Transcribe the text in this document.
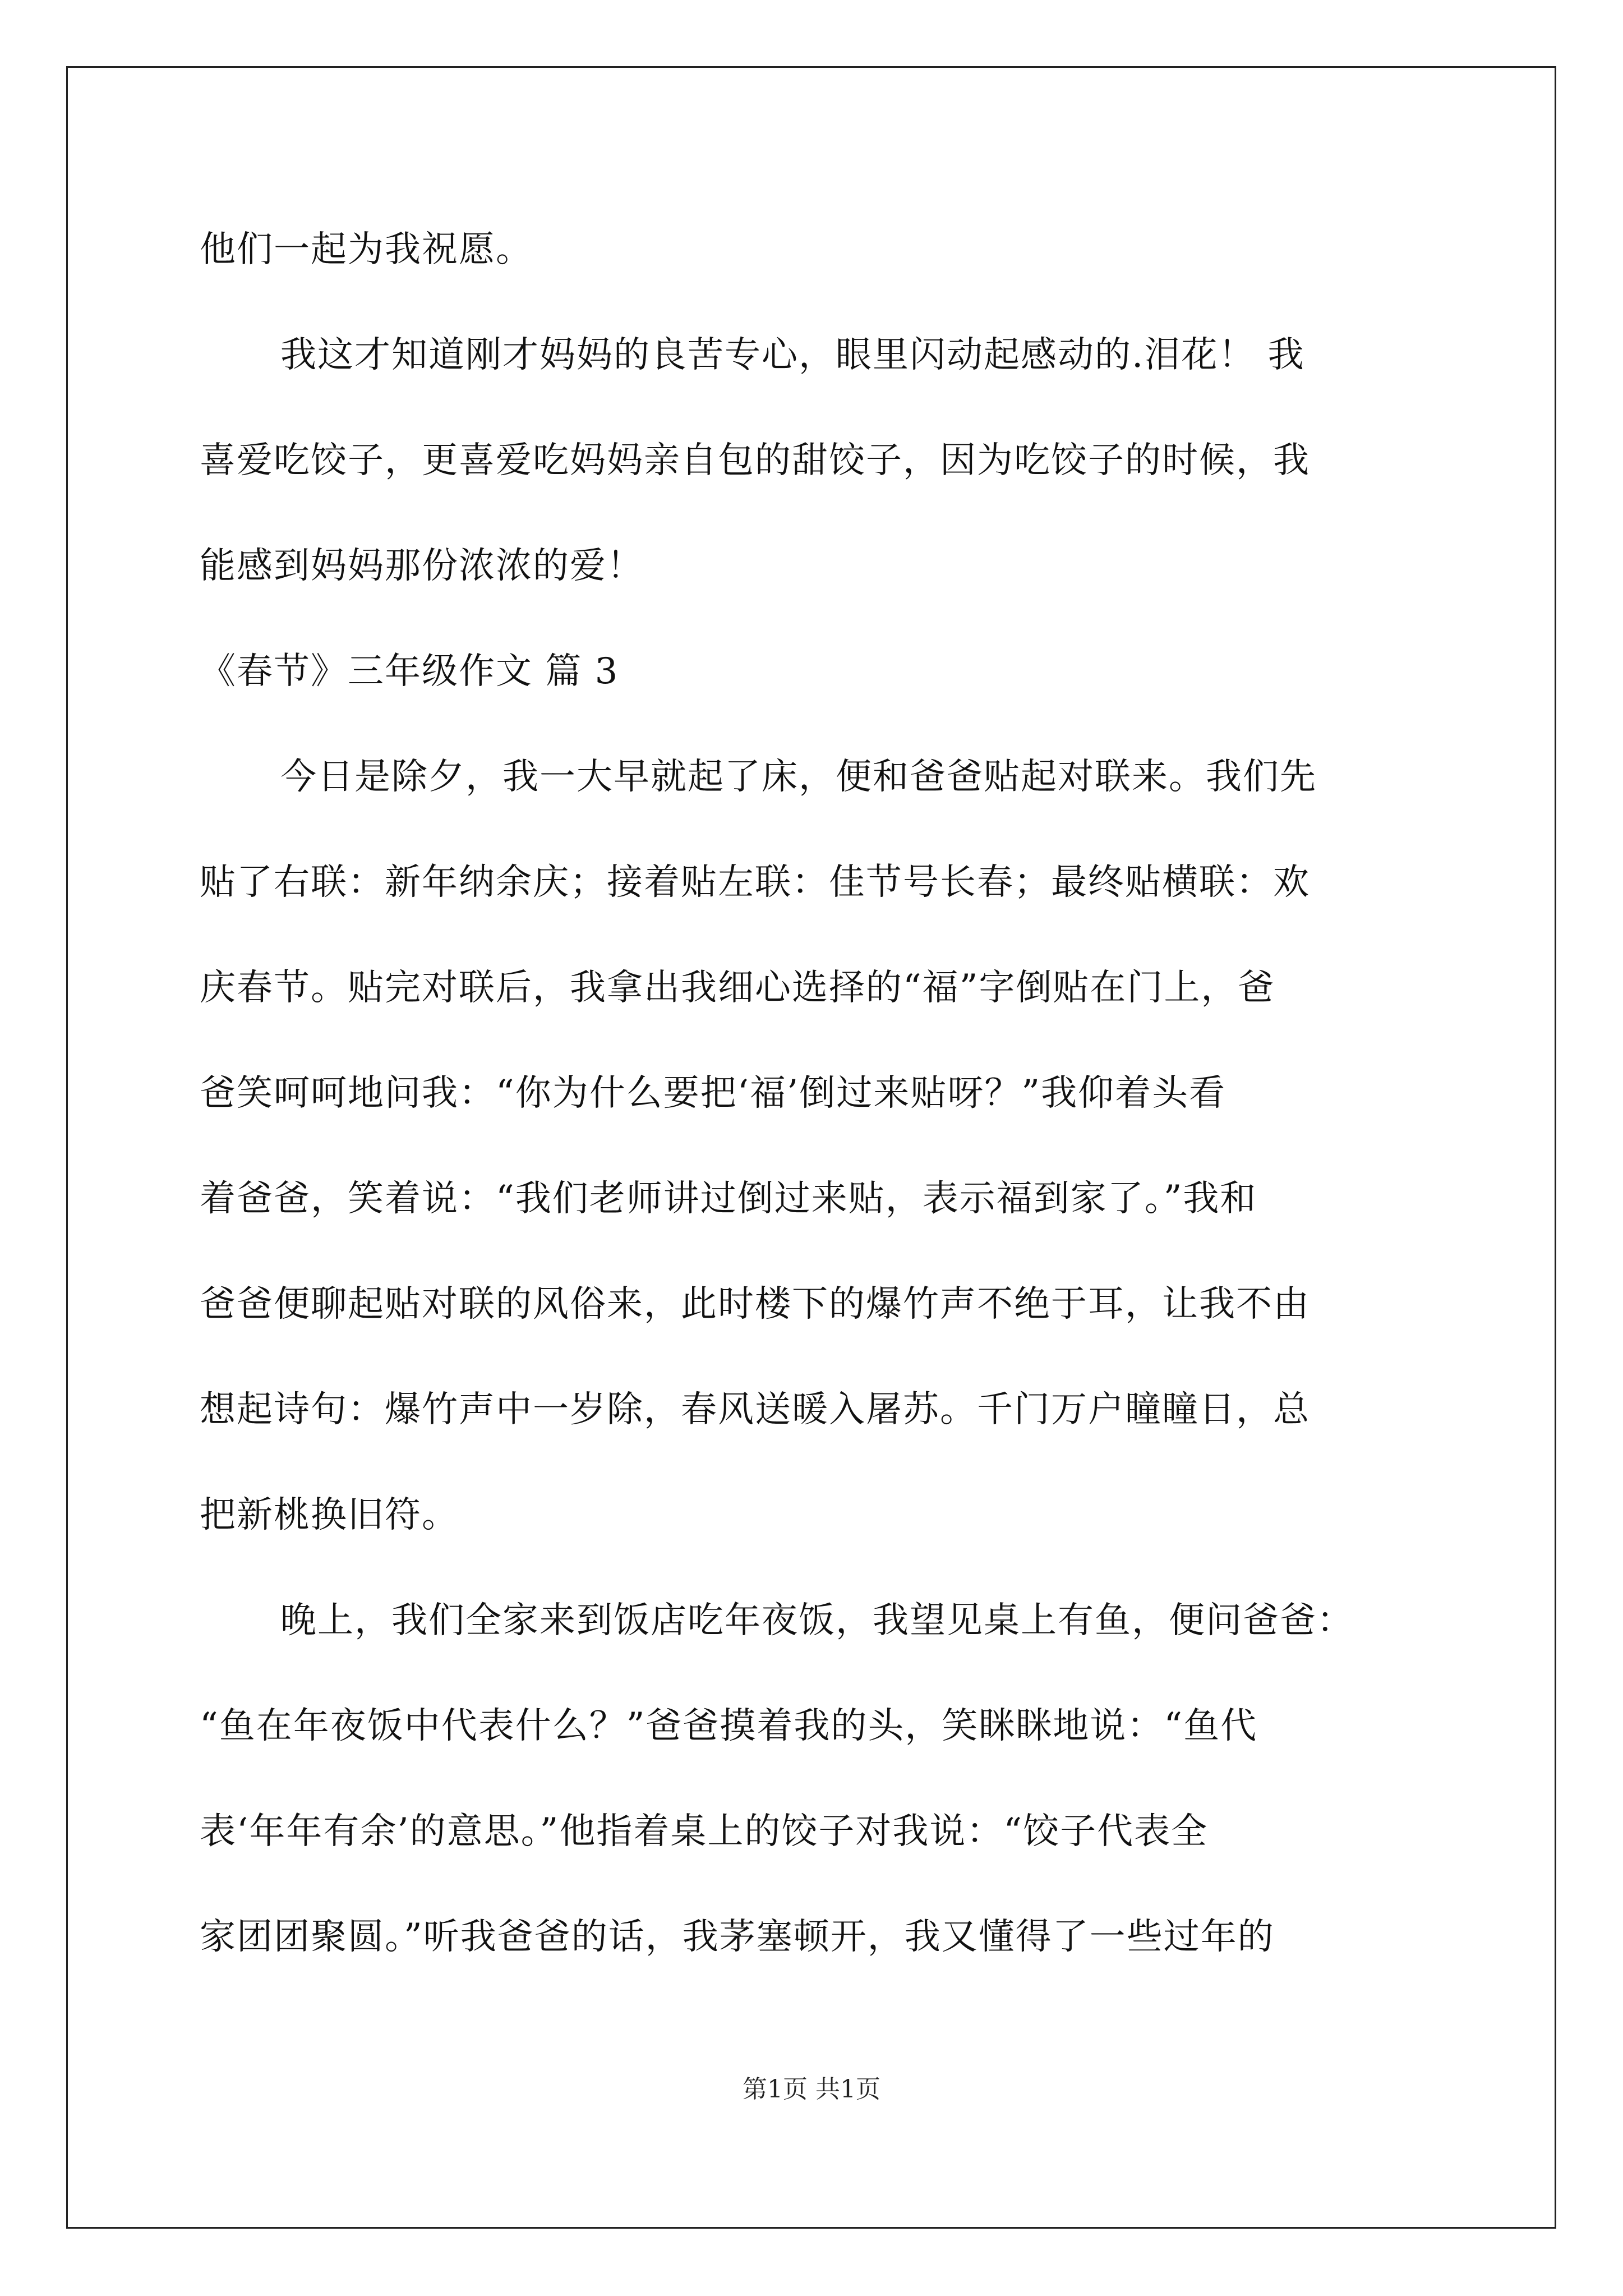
他们一起为我祝愿。
我这才知道刚才妈妈的良苦专心，眼里闪动起感动的.泪花！ 我
喜爱吃饺子，更喜爱吃妈妈亲自包的甜饺子，因为吃饺子的时候，我
能感到妈妈那份浓浓的爱！
《春节》三年级作文 篇 3
今日是除夕，我一大早就起了床，便和爸爸贴起对联来。我们先
贴了右联：新年纳余庆；接着贴左联：佳节号长春；最终贴横联：欢
庆春节。贴完对联后，我拿出我细心选择的“福”字倒贴在门上，爸
爸笑呵呵地问我：“你为什么要把‘福’倒过来贴呀？”我仰着头看
着爸爸，笑着说：“我们老师讲过倒过来贴，表示福到家了。”我和
爸爸便聊起贴对联的风俗来，此时楼下的爆竹声不绝于耳，让我不由
想起诗句：爆竹声中一岁除，春风送暖入屠苏。千门万户瞳瞳日，总
把新桃换旧符。
晚上，我们全家来到饭店吃年夜饭，我望见桌上有鱼，便问爸爸：
“鱼在年夜饭中代表什么？”爸爸摸着我的头，笑眯眯地说：“鱼代
表‘年年有余’的意思。”他指着桌上的饺子对我说：“饺子代表全
家团团聚圆。”听我爸爸的话，我茅塞顿开，我又懂得了一些过年的
第1页 共1页
